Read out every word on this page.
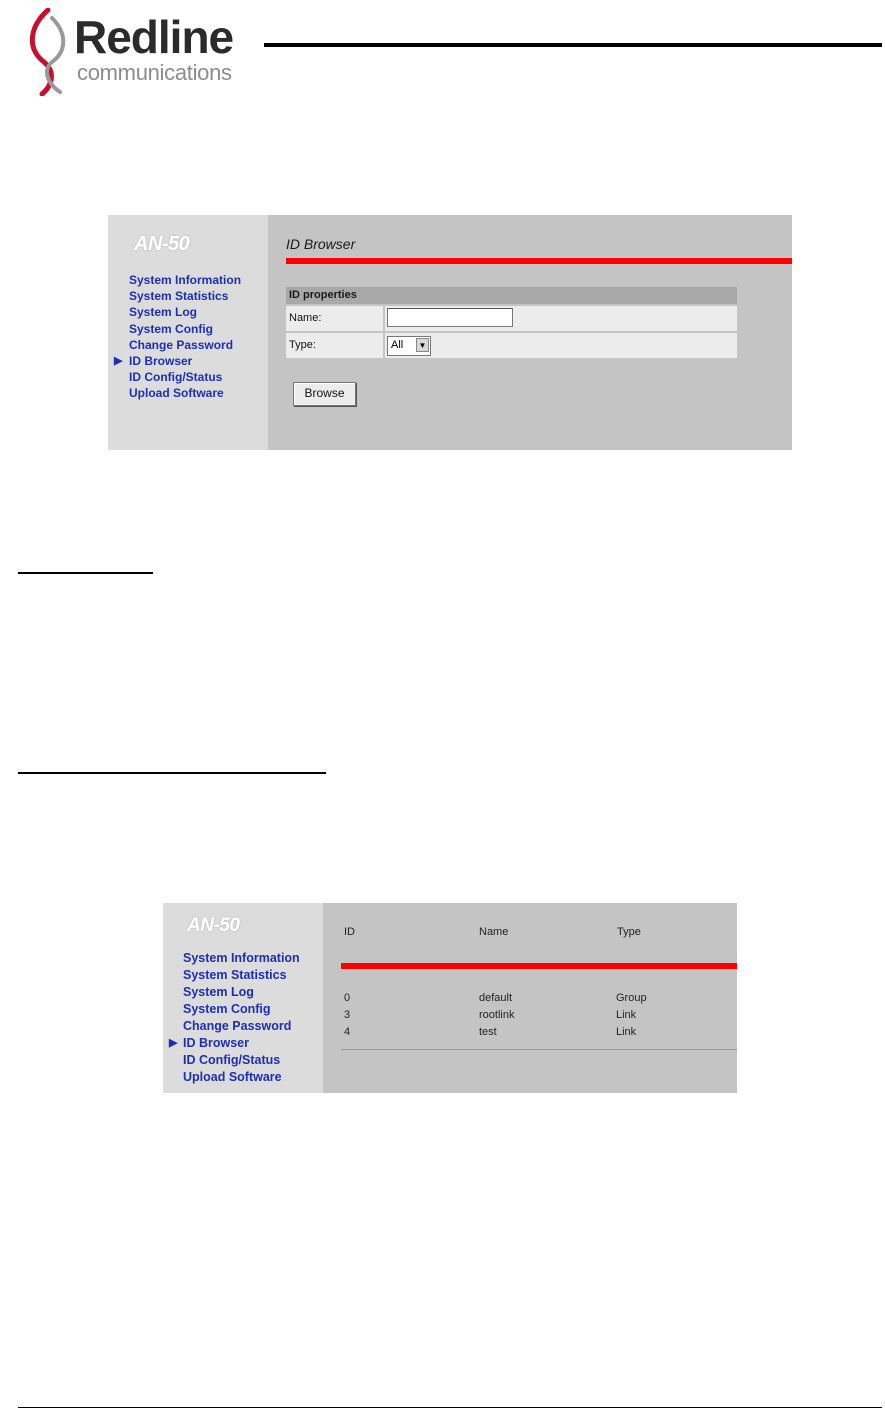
Redline
communications
AN-50
System Information
System Statistics
System Log
System Config
Change Password
▶ ID Browser
ID Config/Status
Upload Software
ID Browser
ID properties
Name:
Type:	All	▼
Browse
AN-50
System Information
System Statistics
System Log
System Config
Change Password
▶ ID Browser
ID Config/Status
Upload Software
ID	Name	Type
0	default	Group
3	rootlink	Link
4	test	Link
